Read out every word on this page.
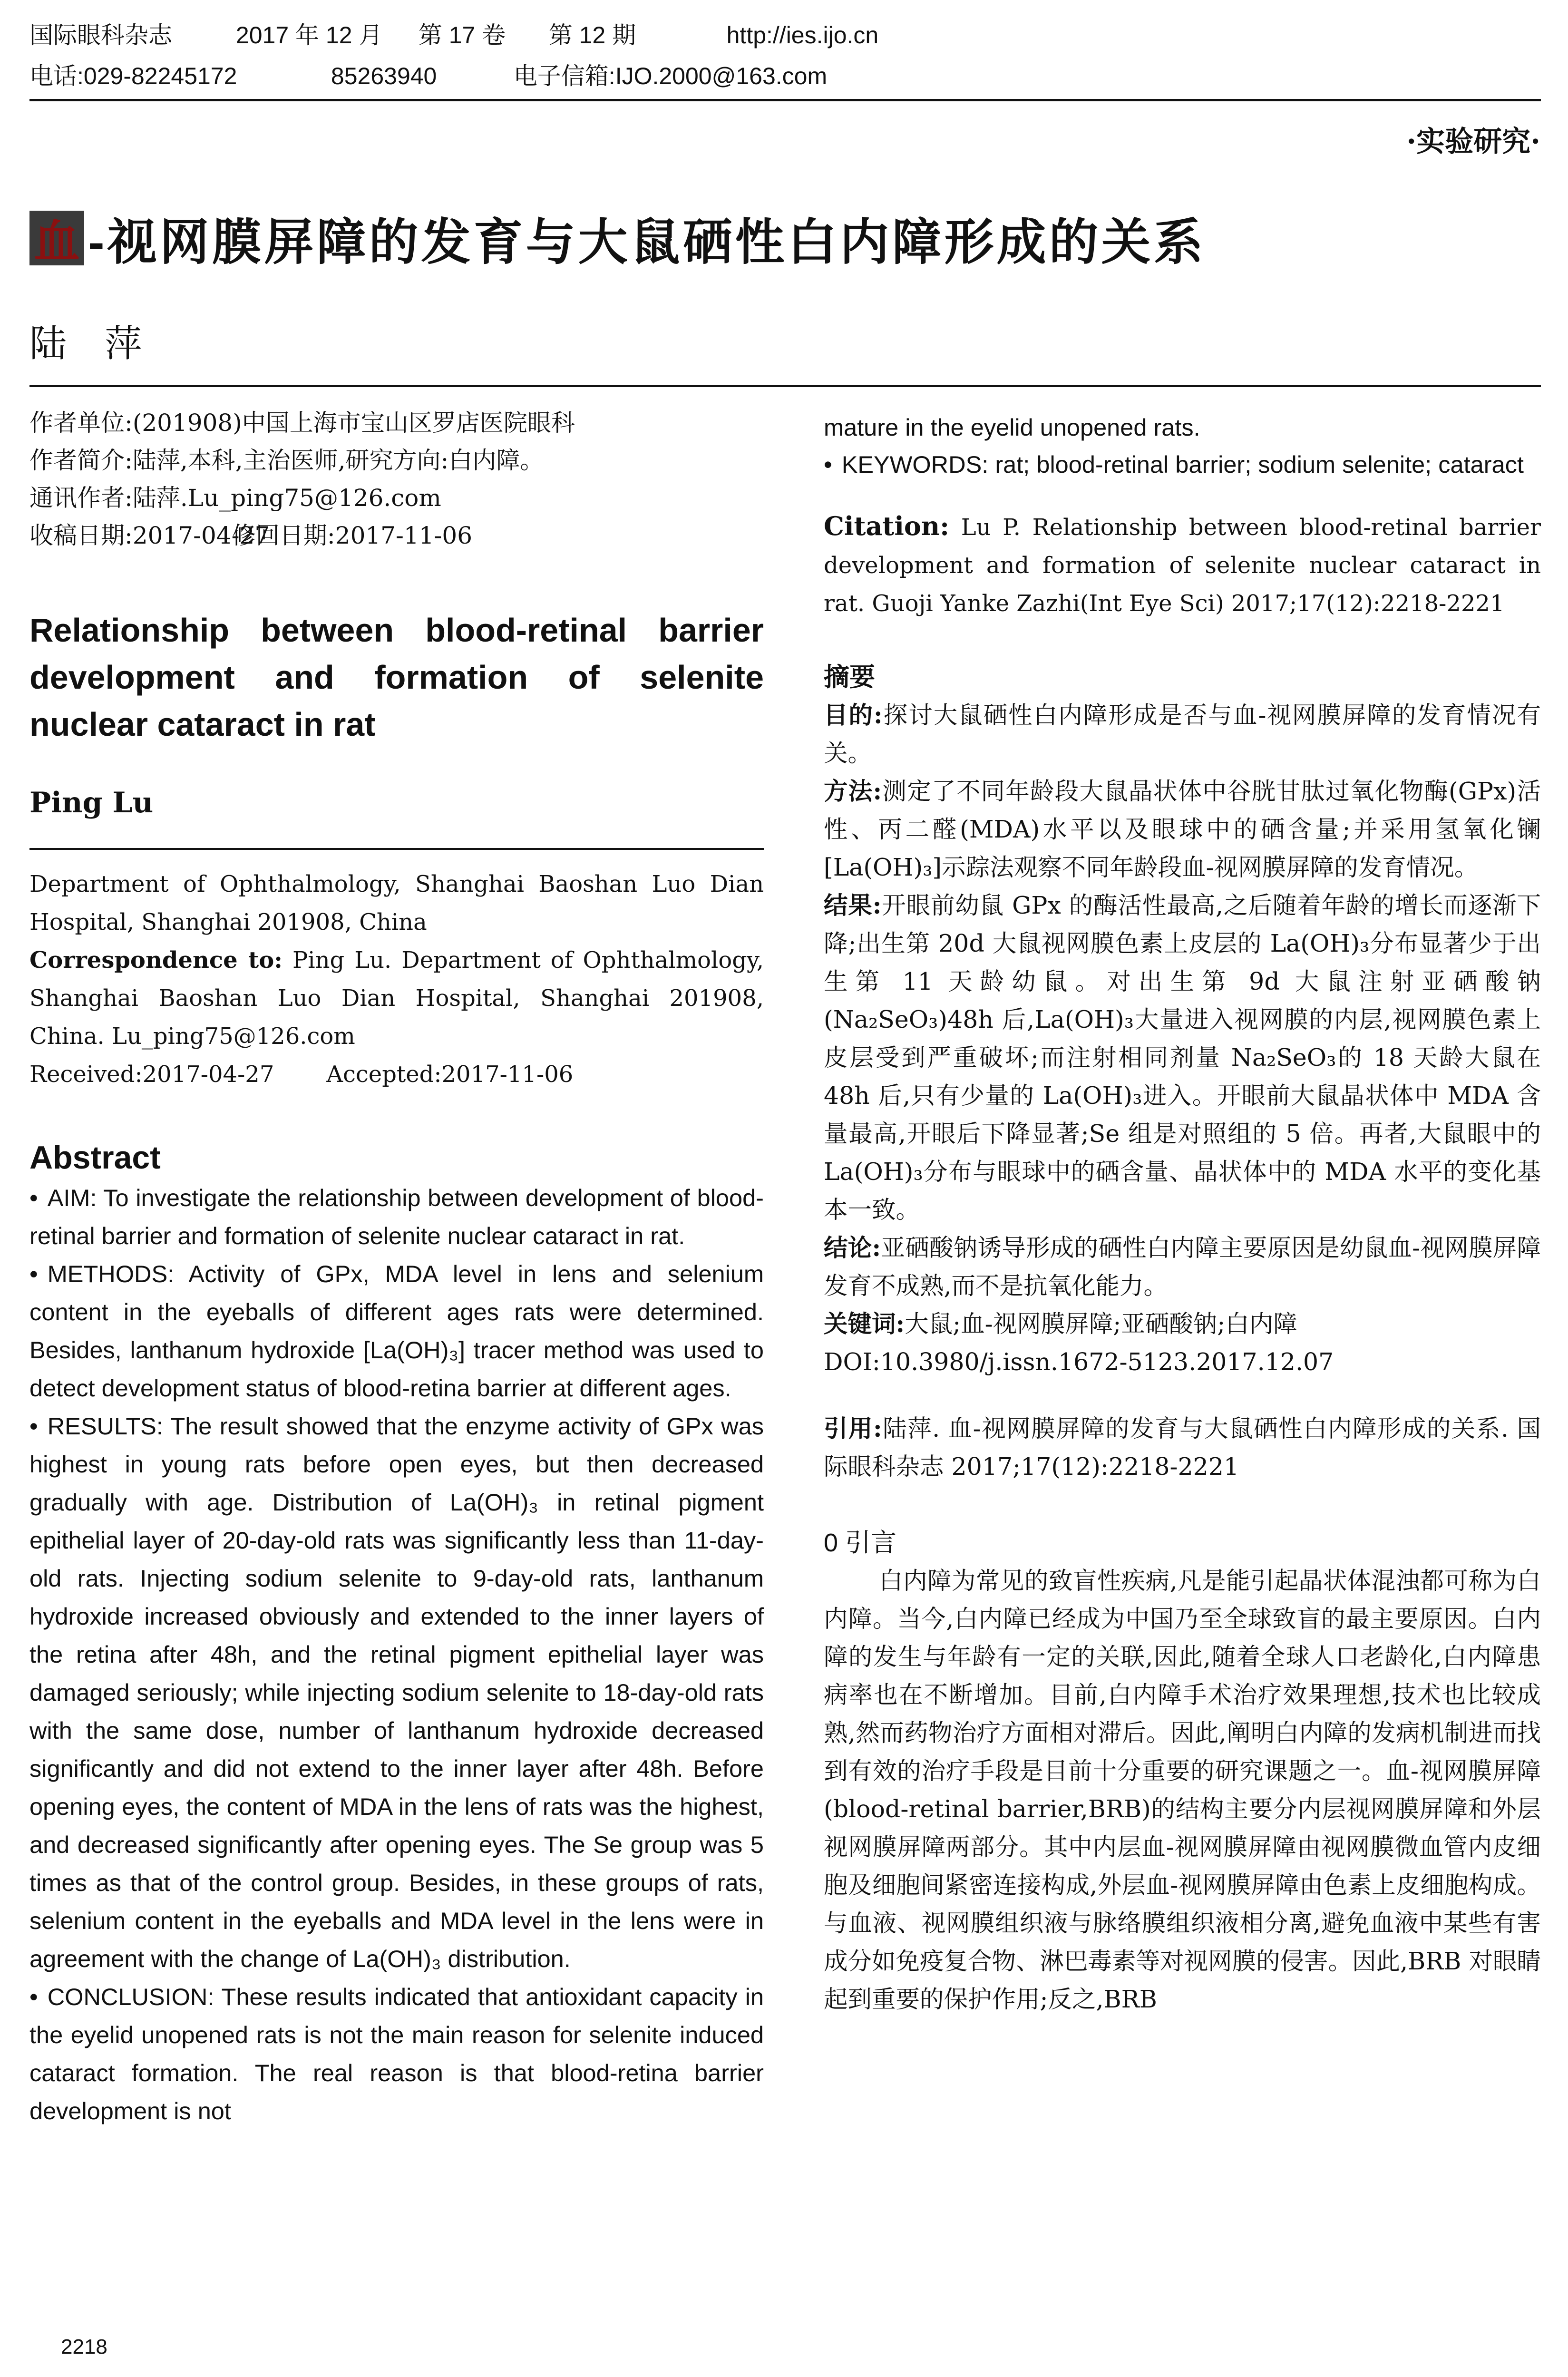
国际眼科杂志	2017 年 12 月 第 17 卷 第 12 期	http://ies.ijo.cn
电话:029-82245172	85263940	电子信箱:IJO.2000@163.com
·实验研究·
血 -视网膜屏障的发育与大鼠硒性白内障形成的关系
陆萍
作者单位:(201908)中国上海市宝山区罗店医院眼科
作者简介:陆萍,本科,主治医师,研究方向:白内障。
通讯作者:陆萍.Lu_ping75@126.com
收稿日期:2017-04-27 修回日期:2017-11-06
Relationship between blood-retinal barrier development and formation of selenite nuclear cataract in rat
Ping Lu
Department of Ophthalmology, Shanghai Baoshan Luo Dian Hospital, Shanghai 201908, China
Correspondence to: Ping Lu. Department of Ophthalmology, Shanghai Baoshan Luo Dian Hospital, Shanghai 201908, China. Lu_ping75@126.com
Received:2017-04-27 Accepted:2017-11-06
Abstract

• AIM: To investigate the relationship between development of blood-retinal barrier and formation of selenite nuclear cataract in rat.

• METHODS: Activity of GPx, MDA level in lens and selenium content in the eyeballs of different ages rats were determined. Besides, lanthanum hydroxide [La(OH)₃] tracer method was used to detect development status of blood-retina barrier at different ages.

• RESULTS: The result showed that the enzyme activity of GPx was highest in young rats before open eyes, but then decreased gradually with age. Distribution of La(OH)₃ in retinal pigment epithelial layer of 20-day-old rats was significantly less than 11-day-old rats. Injecting sodium selenite to 9-day-old rats, lanthanum hydroxide increased obviously and extended to the inner layers of the retina after 48h, and the retinal pigment epithelial layer was damaged seriously; while injecting sodium selenite to 18-day-old rats with the same dose, number of lanthanum hydroxide decreased significantly and did not extend to the inner layer after 48h. Before opening eyes, the content of MDA in the lens of rats was the highest, and decreased significantly after opening eyes. The Se group was 5 times as that of the control group. Besides, in these groups of rats, selenium content in the eyeballs and MDA level in the lens were in agreement with the change of La(OH)₃ distribution.

• CONCLUSION: These results indicated that antioxidant capacity in the eyelid unopened rats is not the main reason for selenite induced cataract formation. The real reason is that blood-retina barrier development is not

mature in the eyelid unopened rats.

• KEYWORDS: rat; blood-retinal barrier; sodium selenite; cataract

Citation: Lu P. Relationship between blood-retinal barrier development and formation of selenite nuclear cataract in rat. Guoji Yanke Zazhi(Int Eye Sci) 2017;17(12):2218-2221
摘要

目的:探讨大鼠硒性白内障形成是否与血-视网膜屏障的发育情况有关。

方法:测定了不同年龄段大鼠晶状体中谷胱甘肽过氧化物酶(GPx)活性、丙二醛(MDA)水平以及眼球中的硒含量;并采用氢氧化镧[La(OH)₃]示踪法观察不同年龄段血-视网膜屏障的发育情况。

结果:开眼前幼鼠 GPx 的酶活性最高,之后随着年龄的增长而逐渐下降;出生第 20d 大鼠视网膜色素上皮层的 La(OH)₃分布显著少于出生第 11 天龄幼鼠。对出生第 9d 大鼠注射亚硒酸钠(Na₂SeO₃)48h 后,La(OH)₃大量进入视网膜的内层,视网膜色素上皮层受到严重破坏;而注射相同剂量 Na₂SeO₃的 18 天龄大鼠在 48h 后,只有少量的 La(OH)₃进入。开眼前大鼠晶状体中 MDA 含量最高,开眼后下降显著;Se 组是对照组的 5 倍。再者,大鼠眼中的 La(OH)₃分布与眼球中的硒含量、晶状体中的 MDA 水平的变化基本一致。

结论:亚硒酸钠诱导形成的硒性白内障主要原因是幼鼠血-视网膜屏障发育不成熟,而不是抗氧化能力。

关键词:大鼠;血-视网膜屏障;亚硒酸钠;白内障

DOI:10.3980/j.issn.1672-5123.2017.12.07

引用:陆萍. 血-视网膜屏障的发育与大鼠硒性白内障形成的关系. 国际眼科杂志 2017;17(12):2218-2221

0 引言

白内障为常见的致盲性疾病,凡是能引起晶状体混浊都可称为白内障。当今,白内障已经成为中国乃至全球致盲的最主要原因。白内障的发生与年龄有一定的关联,因此,随着全球人口老龄化,白内障患病率也在不断增加。目前,白内障手术治疗效果理想,技术也比较成熟,然而药物治疗方面相对滞后。因此,阐明白内障的发病机制进而找到有效的治疗手段是目前十分重要的研究课题之一。血-视网膜屏障(blood-retinal barrier,BRB)的结构主要分内层视网膜屏障和外层视网膜屏障两部分。其中内层血-视网膜屏障由视网膜微血管内皮细胞及细胞间紧密连接构成,外层血-视网膜屏障由色素上皮细胞构成。与血液、视网膜组织液与脉络膜组织液相分离,避免血液中某些有害成分如免疫复合物、淋巴毒素等对视网膜的侵害。因此,BRB 对眼睛起到重要的保护作用;反之,BRB

2218
